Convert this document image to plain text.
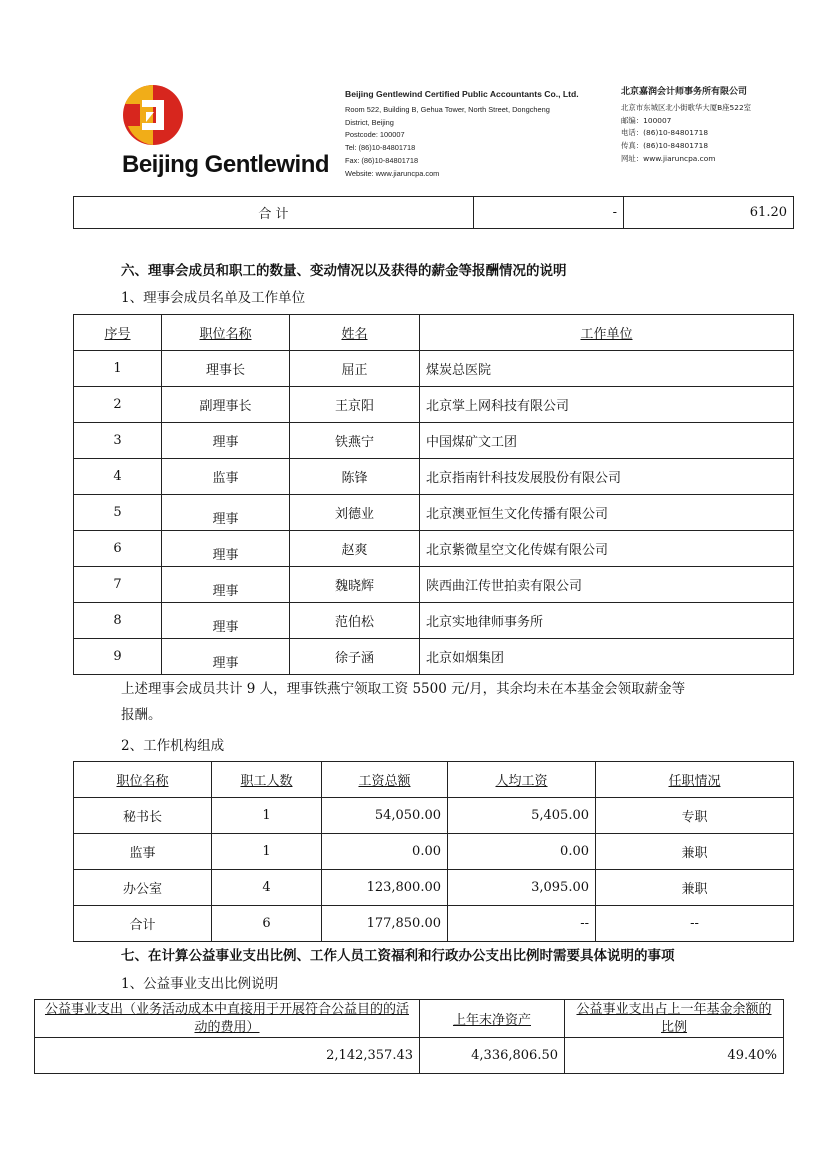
Beijing Gentlewind
Beijing Gentlewind Certified Public Accountants Co., Ltd.
Room 522, Building B, Gehua Tower, North Street, Dongcheng
District, Beijing
Postcode: 100007
Tel: (86)10-84801718
Fax: (86)10-84801718
Website: www.jiaruncpa.com
北京嘉润会计师事务所有限公司
北京市东城区北小街歌华大厦B座522室
邮编：100007
电话：(86)10-84801718
传真：(86)10-84801718
网址：www.jiaruncpa.com
合 计	-	61.20
六、理事会成员和职工的数量、变动情况以及获得的薪金等报酬情况的说明
1、理事会成员名单及工作单位
序号	职位名称	姓名	工作单位
1	理事长	屈正	煤炭总医院
2	副理事长	王京阳	北京掌上网科技有限公司
3	理事	铁燕宁	中国煤矿文工团
4	监事	陈锋	北京指南针科技发展股份有限公司
5	理事	刘德业	北京澳亚恒生文化传播有限公司
6	理事	赵爽	北京紫微星空文化传媒有限公司
7	理事	魏晓辉	陕西曲江传世拍卖有限公司
8	理事	范伯松	北京实地律师事务所
9	理事	徐子涵	北京如烟集团
上述理事会成员共计 9 人，理事铁燕宁领取工资 5500 元/月，其余均未在本基金会领取薪金等
报酬。
2、工作机构组成
职位名称	职工人数	工资总额	人均工资	任职情况
秘书长	1	54,050.00	5,405.00	专职
监事	1	0.00	0.00	兼职
办公室	4	123,800.00	3,095.00	兼职
合计	6	177,850.00	--	--
七、在计算公益事业支出比例、工作人员工资福利和行政办公支出比例时需要具体说明的事项
1、公益事业支出比例说明
公益事业支出（业务活动成本中直接用于开展符合公益目的的活动的费用）	上年末净资产	公益事业支出占上一年基金余额的比例
2,142,357.43	4,336,806.50	49.40%
